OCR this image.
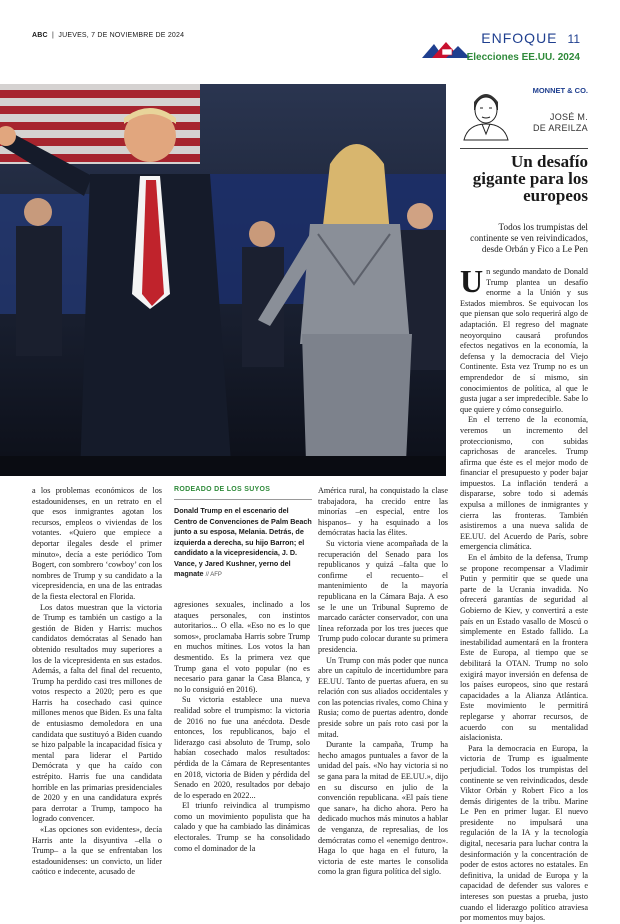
ABC  |  JUEVES, 7 DE NOVIEMBRE DE 2024	ENFOQUE 11
Elecciones EE.UU. 2024
RODEADO DE LOS SUYOS
Donald Trump en el escenario del Centro de Convenciones de Palm Beach junto a su esposa, Melania. Detrás, de izquierda a derecha, su hijo Barron; el candidato a la vicepresidencia, J. D. Vance, y Jared Kushner, yerno del magnate // AFP

a los problemas económicos de los estadounidenses, en un retrato en el que esos inmigrantes agotan los recursos, empleos o viviendas de los votantes. «Quiero que empiece a deportar ilegales desde el primer minuto», decía a este periódico Tom Bogert, con sombrero ‘cowboy’ con los nombres de Trump y su candidato a la vicepresidencia, en una de las entradas de la fiesta electoral en Florida.

Los datos muestran que la victoria de Trump es también un castigo a la gestión de Biden y Harris: muchos candidatos demócratas al Senado han obtenido resultados muy superiores a los de la vicepresidenta en sus estados. Además, a falta del final del recuento, Trump ha perdido casi tres millones de votos respecto a 2020; pero es que Harris ha cosechado casi quince millones menos que Biden. Es una falta de entusiasmo demoledora en una candidata que sustituyó a Biden cuando se hizo palpable la incapacidad física y mental para liderar el Partido Demócrata y que ha caído con estrépito. Harris fue una candidata horrible en las primarias presidenciales de 2020 y en una candidatura exprés para derrotar a Trump, tampoco ha logrado convencer.

«Las opciones son evidentes», decía Harris ante la disyuntiva –ella o Trump– a la que se enfrentaban los estadounidenses: un convicto, un líder caótico e indecente, acusado de

agresiones sexuales, inclinado a los ataques personales, con instintos autoritarios... O ella. «Eso no es lo que somos», proclamaba Harris sobre Trump en muchos mítines. Los votos la han desmentido. Es la primera vez que Trump gana el voto popular (no es necesario para ganar la Casa Blanca, y no lo consiguió en 2016).

Su victoria establece una nueva realidad sobre el trumpismo: la victoria de 2016 no fue una anécdota. Desde entonces, los republicanos, bajo el liderazgo casi absoluto de Trump, solo habían cosechado malos resultados: pérdida de la Cámara de Representantes en 2018, victoria de Biden y pérdida del Senado en 2020, resultados por debajo de lo esperado en 2022...

El triunfo reivindica al trumpismo como un movimiento populista que ha calado y que ha cambiado las dinámicas electorales. Trump se ha consolidado como el dominador de la

América rural, ha conquistado la clase trabajadora, ha crecido entre las minorías –en especial, entre los hispanos– y ha esquinado a los demócratas hacia las élites.

Su victoria viene acompañada de la recuperación del Senado para los republicanos y quizá –falta que lo confirme el recuento– el mantenimiento de la mayoría republicana en la Cámara Baja. A eso se le une un Tribunal Supremo de marcado carácter conservador, con una línea reforzada por los tres jueces que Trump pudo colocar durante su primera presidencia.

Un Trump con más poder que nunca abre un capítulo de incertidumbre para EE.UU. Tanto de puertas afuera, en su relación con sus aliados occidentales y con las potencias rivales, como China y Rusia; como de puertas adentro, donde preside sobre un país roto casi por la mitad.

Durante la campaña, Trump ha hecho amagos puntuales a favor de la unidad del país. «No hay victoria si no se gana para la mitad de EE.UU.», dijo en su discurso en julio de la convención republicana. «El país tiene que sanar», ha dicho ahora. Pero ha dedicado muchos más minutos a hablar de venganza, de represalias, de los demócratas como el «enemigo dentro». Haga lo que haga en el futuro, la victoria de este martes le consolida como la gran figura política del siglo.

MONNET & CO.
JOSÉ M.
DE AREILZA
Un desafío gigante para los europeos
Todos los trumpistas del continente se ven reivindicados, desde Orbán y Fico a Le Pen

Un segundo mandato de Donald Trump plantea un desafío enorme a la Unión y sus Estados miembros. Se equivocan los que piensan que solo requerirá algo de adaptación. El regreso del magnate neoyorquino causará profundos efectos negativos en la economía, la defensa y la democracia del Viejo Continente. Esta vez Trump no es un emprendedor de sí mismo, sin conocimientos de política, al que le gusta jugar a ser impredecible. Sabe lo que quiere y cómo conseguirlo.

En el terreno de la economía, veremos un incremento del proteccionismo, con subidas caprichosas de aranceles. Trump afirma que éste es el mejor modo de financiar el presupuesto y poder bajar impuestos. La inflación tenderá a dispararse, sobre todo si además expulsa a millones de inmigrantes y cierra las fronteras. También asistiremos a una nueva salida de EE.UU. del Acuerdo de París, sobre emergencia climática.

En el ámbito de la defensa, Trump se propone recompensar a Vladimir Putin y permitir que se quede una parte de la Ucrania invadida. No ofrecerá garantías de seguridad al Gobierno de Kiev, y convertirá a este país en un Estado vasallo de Moscú o simplemente en Estado fallido. La inestabilidad aumentará en la frontera Este de Europa, al tiempo que se debilitará la OTAN. Trump no solo exigirá mayor inversión en defensa de los países europeos, sino que restará capacidades a la Alianza Atlántica. Este movimiento le permitirá replegarse y ahorrar recursos, de acuerdo con su mentalidad aislacionista.

Para la democracia en Europa, la victoria de Trump es igualmente perjudicial. Todos los trumpistas del continente se ven reivindicados, desde Viktor Orbán y Robert Fico a los demás dirigentes de la tribu. Marine Le Pen en primer lugar. El nuevo presidente no impulsará una regulación de la IA y la tecnología digital, necesaria para luchar contra la desinformación y la concentración de poder de estos actores no estatales. En definitiva, la unidad de Europa y la capacidad de defender sus valores e intereses son puestas a prueba, justo cuando el liderazgo político atraviesa por momentos muy bajos.
